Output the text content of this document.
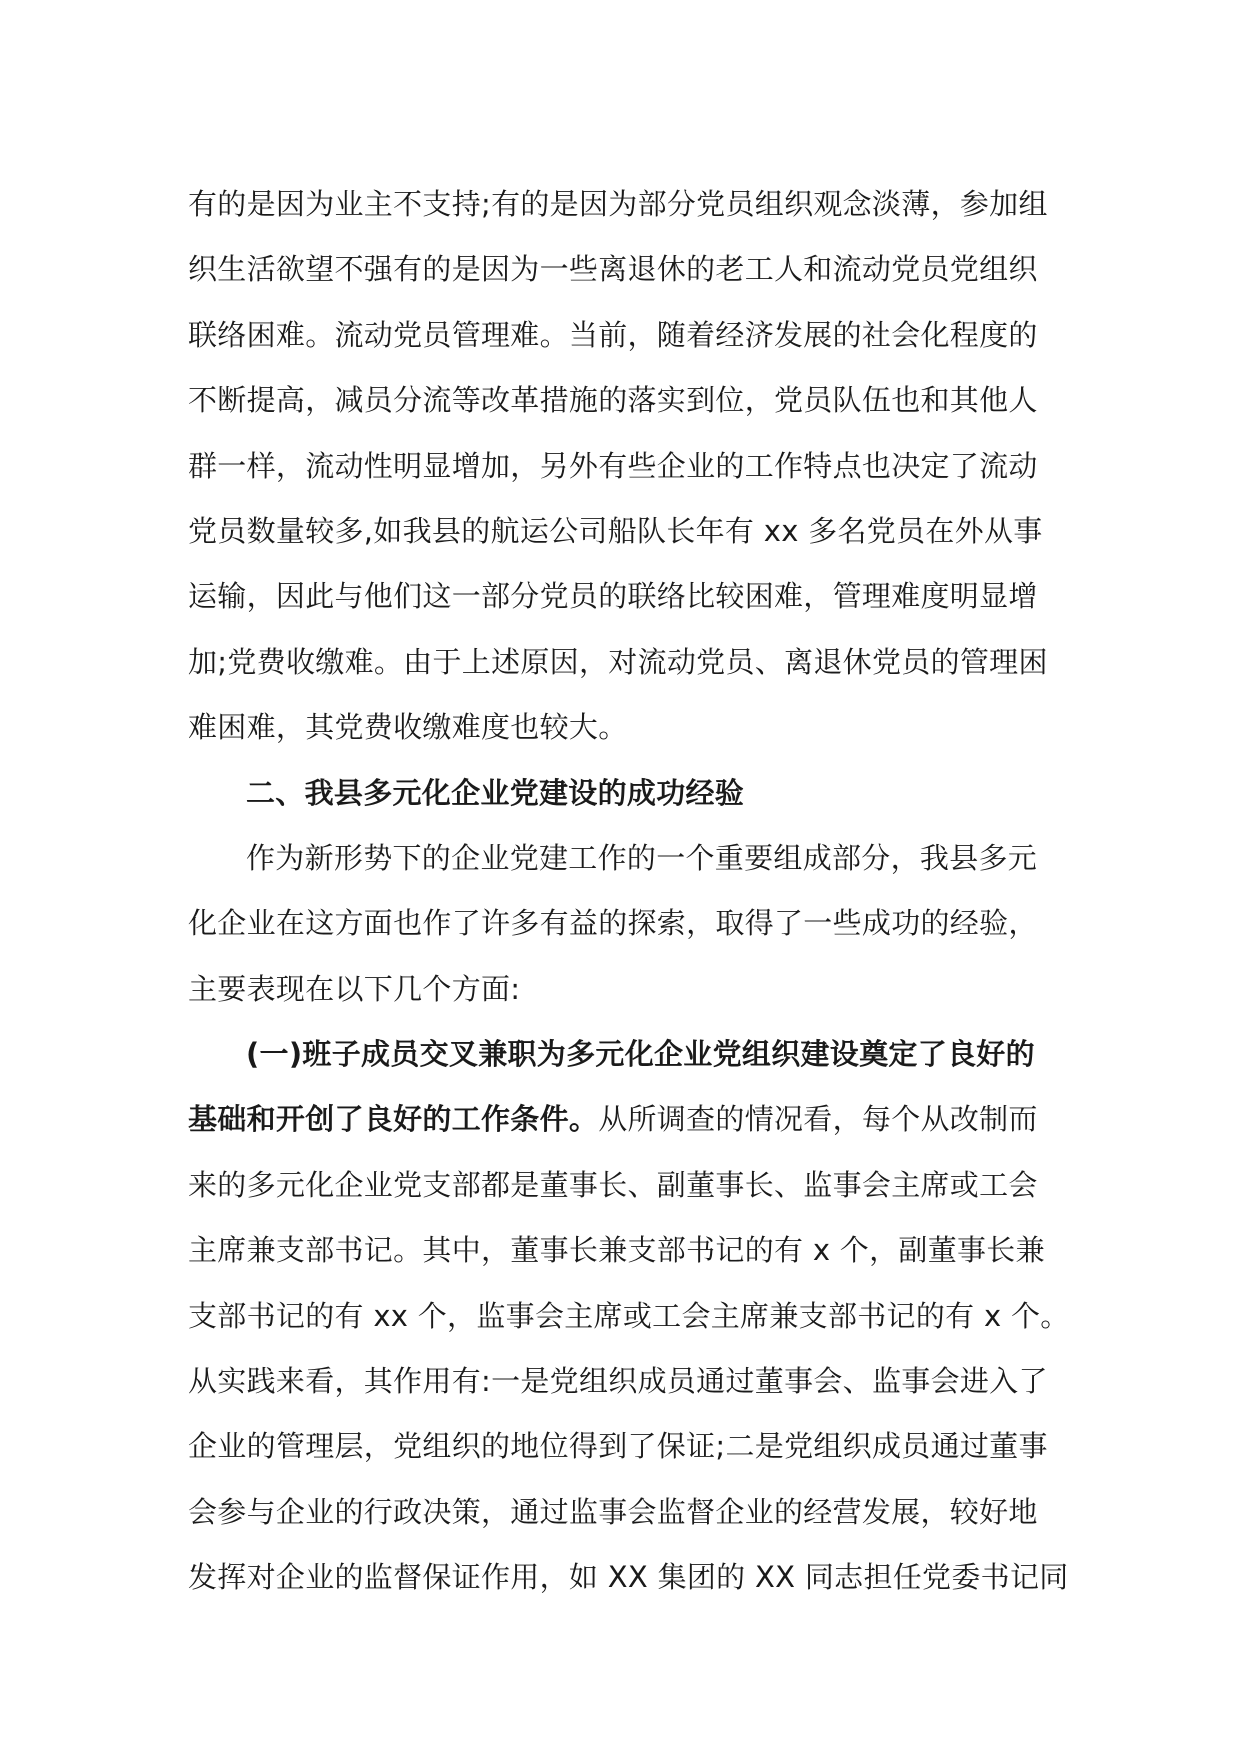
有的是因为业主不支持;有的是因为部分党员组织观念淡薄，参加组
织生活欲望不强有的是因为一些离退休的老工人和流动党员党组织
联络困难。流动党员管理难。当前，随着经济发展的社会化程度的
不断提高，减员分流等改革措施的落实到位，党员队伍也和其他人
群一样，流动性明显增加，另外有些企业的工作特点也决定了流动
党员数量较多,如我县的航运公司船队长年有 xx 多名党员在外从事
运输，因此与他们这一部分党员的联络比较困难，管理难度明显增
加;党费收缴难。由于上述原因，对流动党员、离退休党员的管理困
难困难，其党费收缴难度也较大。
二、我县多元化企业党建设的成功经验
作为新形势下的企业党建工作的一个重要组成部分，我县多元
化企业在这方面也作了许多有益的探索，取得了一些成功的经验，
主要表现在以下几个方面:
(一)班子成员交叉兼职为多元化企业党组织建设奠定了良好的
基础和开创了良好的工作条件。从所调查的情况看，每个从改制而
来的多元化企业党支部都是董事长、副董事长、监事会主席或工会
主席兼支部书记。其中，董事长兼支部书记的有 x 个，副董事长兼
支部书记的有 xx 个，监事会主席或工会主席兼支部书记的有 x 个。
从实践来看，其作用有:一是党组织成员通过董事会、监事会进入了
企业的管理层，党组织的地位得到了保证;二是党组织成员通过董事
会参与企业的行政决策，通过监事会监督企业的经营发展，较好地
发挥对企业的监督保证作用，如 XX 集团的 XX 同志担任党委书记同
